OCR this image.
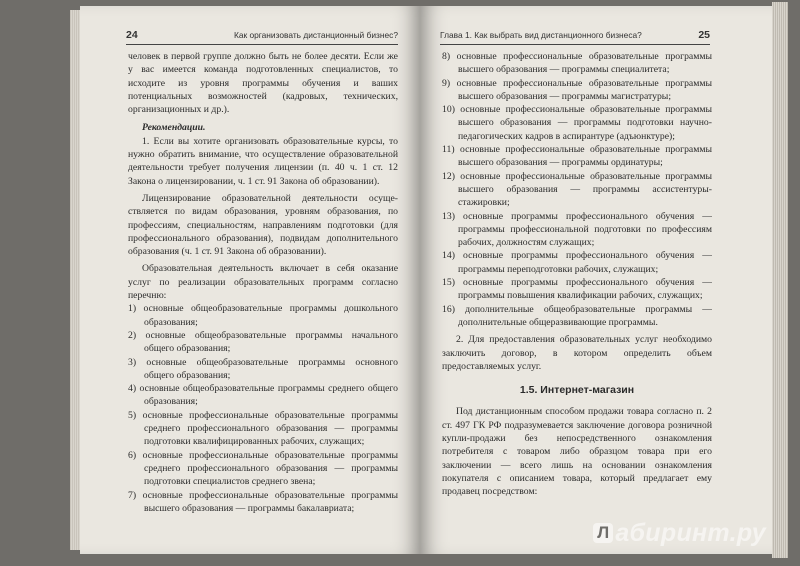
24	Как организовать дистанционный бизнес?

человек в первой группе должно быть не более десяти. Если же у вас имеется команда подготовленных специалистов, то исходите из уровня программы обучения и ваших потенциальных возможностей (кадровых, технических, организационных и др.).

Рекомендации.

1. Если вы хотите организовать образовательные курсы, то нужно обратить внимание, что осуществление образовательной деятельности требует получения лицензии (п. 40 ч. 1 ст. 12 Закона о лицензировании, ч. 1 ст. 91 Закона об образовании).

Лицензирование образовательной деятельности осуществляется по видам образования, уровням образования, по профессиям, специальностям, направлениям подготовки (для профессионального образования), подвидам дополнительного образования (ч. 1 ст. 91 Закона об образовании).

Образовательная деятельность включает в себя оказание услуг по реализации образовательных программ согласно перечню:

1) основные общеобразовательные программы дошкольного образования;

2) основные общеобразовательные программы начального общего образования;

3) основные общеобразовательные программы основного общего образования;

4) основные общеобразовательные программы среднего общего образования;

5) основные профессиональные образовательные программы среднего профессионального образования — программы подготовки квалифицированных рабочих, служащих;

6) основные профессиональные образовательные программы среднего профессионального образования — программы подготовки специалистов среднего звена;

7) основные профессиональные образовательные программы высшего образования — программы бакалавриата;

Глава 1. Как выбрать вид дистанционного бизнеса?	25

8) основные профессиональные образовательные программы высшего образования — программы специалитета;

9) основные профессиональные образовательные программы высшего образования — программы магистратуры;

10) основные профессиональные образовательные программы высшего образования — программы подготовки научно-педагогических кадров в аспирантуре (адъюнктуре);

11) основные профессиональные образовательные программы высшего образования — программы ординатуры;

12) основные профессиональные образовательные программы высшего образования — программы ассистентуры-стажировки;

13) основные программы профессионального обучения — программы профессиональной подготовки по профессиям рабочих, должностям служащих;

14) основные программы профессионального обучения — программы переподготовки рабочих, служащих;

15) основные программы профессионального обучения — программы повышения квалификации рабочих, служащих;

16) дополнительные общеобразовательные программы — дополнительные общеразвивающие программы.

2. Для предоставления образовательных услуг необходимо заключить договор, в котором определить объем предоставляемых услуг.

1.5. Интернет-магазин

Под дистанционным способом продажи товара согласно п. 2 ст. 497 ГК РФ подразумевается заключение договора розничной купли-продажи без непосредственного ознакомления потребителя с товаром либо образцом товара при его заключении — всего лишь на основании ознакомления покупателя с описанием товара, который предлагает ему продавец посредством:

Л абиринт.ру
